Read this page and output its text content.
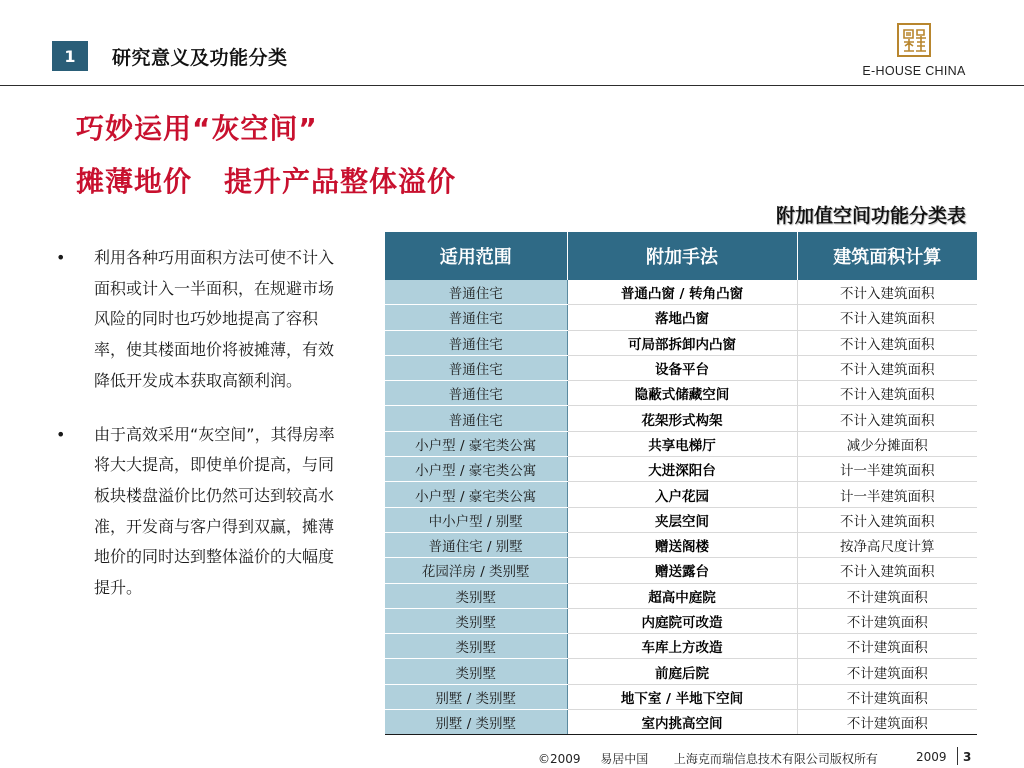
1	研究意义及功能分类
E-HOUSE CHINA
巧妙运用“灰空间”
摊薄地价 提升产品整体溢价
附加值空间功能分类表
• 利用各种巧用面积方法可使不计入面积或计入一半面积，在规避市场风险的同时也巧妙地提高了容积率，使其楼面地价将被摊薄，有效降低开发成本获取高额利润。
• 由于高效采用“灰空间”，其得房率将大大提高，即使单价提高，与同板块楼盘溢价比仍然可达到较高水准，开发商与客户得到双赢，摊薄地价的同时达到整体溢价的大幅度提升。
适用范围	附加手法	建筑面积计算
普通住宅	普通凸窗 / 转角凸窗	不计入建筑面积
普通住宅	落地凸窗	不计入建筑面积
普通住宅	可局部拆卸内凸窗	不计入建筑面积
普通住宅	设备平台	不计入建筑面积
普通住宅	隐蔽式储藏空间	不计入建筑面积
普通住宅	花架形式构架	不计入建筑面积
小户型 / 豪宅类公寓	共享电梯厅	减少分摊面积
小户型 / 豪宅类公寓	大进深阳台	计一半建筑面积
小户型 / 豪宅类公寓	入户花园	计一半建筑面积
中小户型 / 别墅	夹层空间	不计入建筑面积
普通住宅 / 别墅	赠送阁楼	按净高尺度计算
花园洋房 / 类别墅	赠送露台	不计入建筑面积
类别墅	超高中庭院	不计建筑面积
类别墅	内庭院可改造	不计建筑面积
类别墅	车库上方改造	不计建筑面积
类别墅	前庭后院	不计建筑面积
别墅 / 类别墅	地下室 / 半地下空间	不计建筑面积
别墅 / 类别墅	室内挑高空间	不计建筑面积
©2009 易居中国 上海克而瑞信息技术有限公司版权所有	2009 3
